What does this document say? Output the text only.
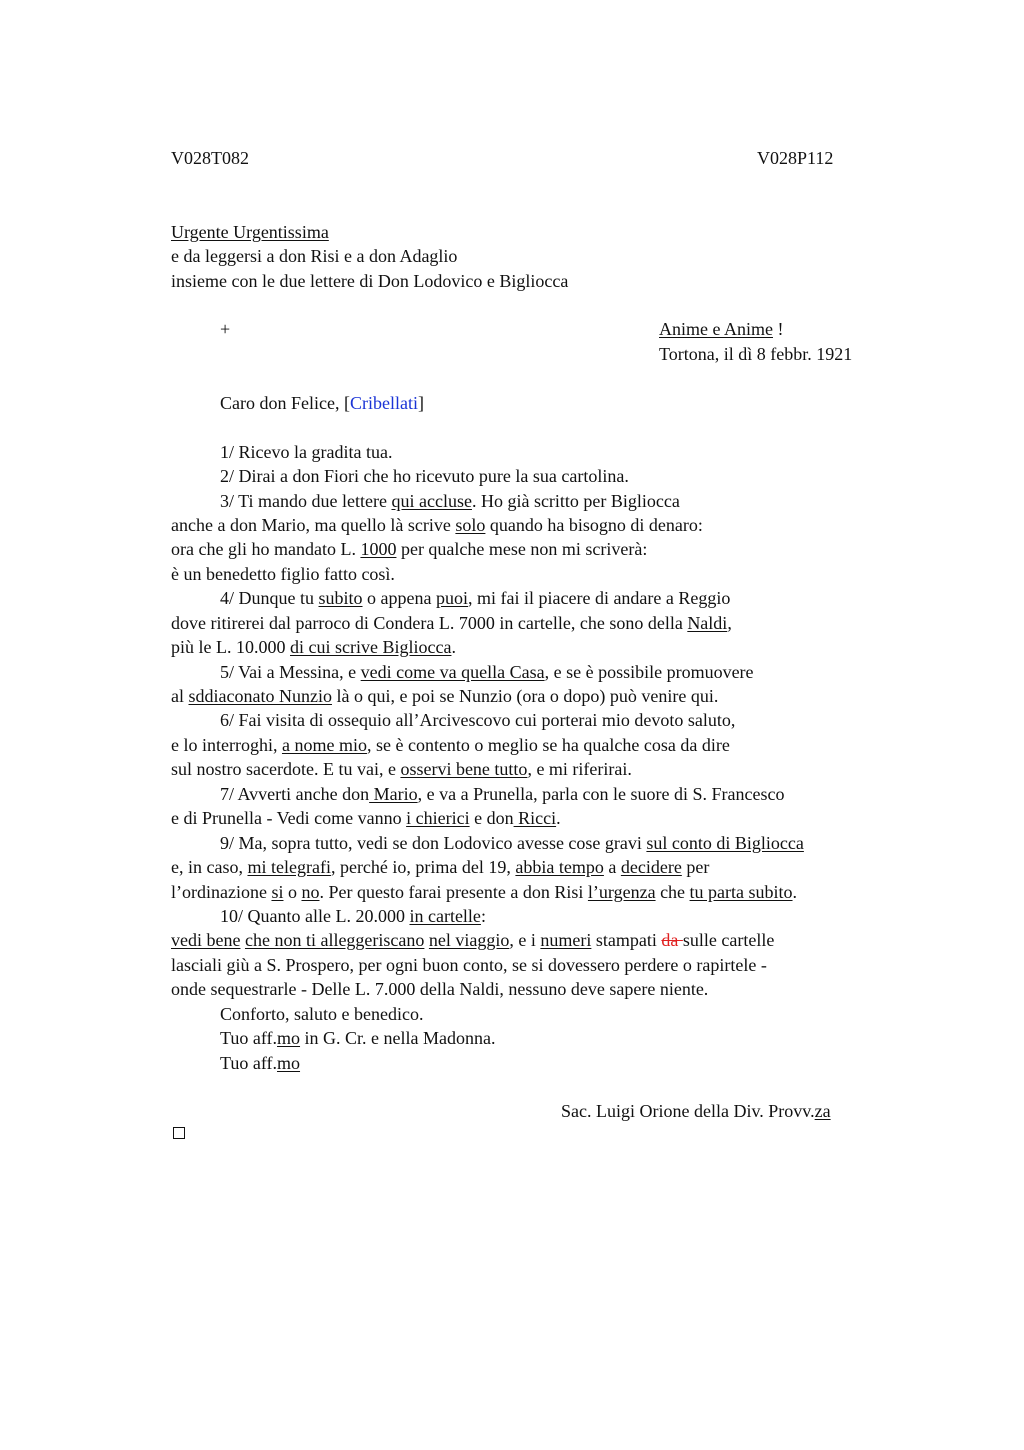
V028T082	V028P112
Urgente Urgentissima
e da leggersi a don Risi e a don Adaglio
insieme con le due lettere di Don Lodovico e Bigliocca
+	Anime e Anime !
Tortona, il dì 8 febbr. 1921
Caro don Felice, [Cribellati]
1/ Ricevo la gradita tua.
2/ Dirai a don Fiori che ho ricevuto pure la sua cartolina.
3/ Ti mando due lettere qui accluse. Ho già scritto per Bigliocca
anche a don Mario, ma quello là scrive solo quando ha bisogno di denaro:
ora che gli ho mandato L. 1000 per qualche mese non mi scriverà:
è un benedetto figlio fatto così.
4/ Dunque tu subito o appena puoi, mi fai il piacere di andare a Reggio
dove ritirerei dal parroco di Condera L. 7000 in cartelle, che sono della Naldi,
più le L. 10.000 di cui scrive Bigliocca.
5/ Vai a Messina, e vedi come va quella Casa, e se è possibile promuovere
al sddiaconato Nunzio là o qui, e poi se Nunzio (ora o dopo) può venire qui.
6/ Fai visita di ossequio all’Arcivescovo cui porterai mio devoto saluto,
e lo interroghi, a nome mio, se è contento o meglio se ha qualche cosa da dire
sul nostro sacerdote. E tu vai, e osservi bene tutto, e mi riferirai.
7/ Avverti anche don Mario, e va a Prunella, parla con le suore di S. Francesco
e di Prunella - Vedi come vanno i chierici e don Ricci.
9/ Ma, sopra tutto, vedi se don Lodovico avesse cose gravi sul conto di Bigliocca
e, in caso, mi telegrafi, perché io, prima del 19, abbia tempo a decidere per
l’ordinazione si o no. Per questo farai presente a don Risi l’urgenza che tu parta subito.
10/ Quanto alle L. 20.000 in cartelle:
vedi bene che non ti alleggeriscano nel viaggio, e i numeri stampati da sulle cartelle
lasciali giù a S. Prospero, per ogni buon conto, se si dovessero perdere o rapirtele -
onde sequestrarle - Delle L. 7.000 della Naldi, nessuno deve sapere niente.
Conforto, saluto e benedico.
Tuo aff.mo in G. Cr. e nella Madonna.
Tuo aff.mo
Sac. Luigi Orione della Div. Provv.za
